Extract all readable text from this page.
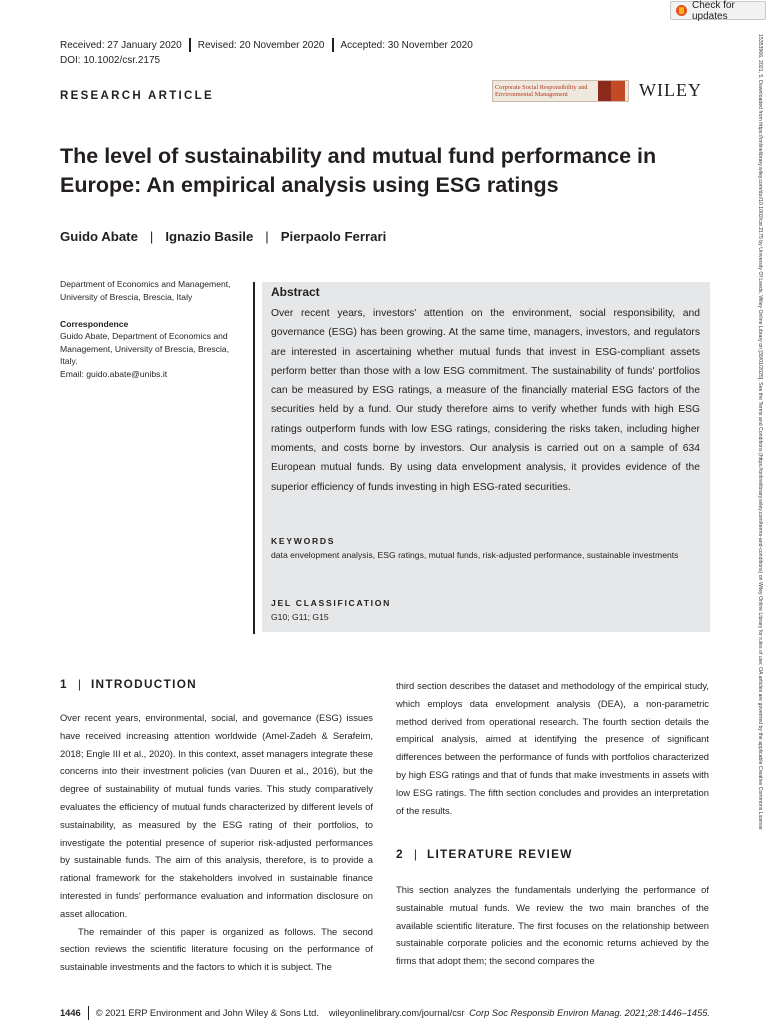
Check for updates
Received: 27 January 2020 Revised: 20 November 2020 Accepted: 30 November 2020
DOI: 10.1002/csr.2175
RESEARCH ARTICLE
Corporate Social Responsibility and Environmental Management	WILEY
The level of sustainability and mutual fund performance in Europe: An empirical analysis using ESG ratings
Guido Abate | Ignazio Basile | Pierpaolo Ferrari
Department of Economics and Management, University of Brescia, Brescia, Italy
Correspondence
Guido Abate, Department of Economics and Management, University of Brescia, Brescia, Italy.
Email: guido.abate@unibs.it
Abstract
Over recent years, investors' attention on the environment, social responsibility, and governance (ESG) has been growing. At the same time, managers, investors, and regulators are interested in ascertaining whether mutual funds that invest in ESG-compliant assets perform better than those with a low ESG commitment. The sustainability of funds' portfolios can be measured by ESG ratings, a measure of the financially material ESG factors of the securities held by a fund. Our study therefore aims to verify whether funds with high ESG ratings outperform funds with low ESG ratings, considering the risks taken, including higher moments, and costs borne by investors. Our analysis is carried out on a sample of 634 European mutual funds. By using data envelopment analysis, it provides evidence of the superior efficiency of funds investing in high ESG-rated securities.
KEYWORDS
data envelopment analysis, ESG ratings, mutual funds, risk-adjusted performance, sustainable investments
JEL CLASSIFICATION
G10; G11; G15
1 | INTRODUCTION

Over recent years, environmental, social, and governance (ESG) issues have received increasing attention worldwide (Amel-Zadeh & Serafeim, 2018; Engle III et al., 2020). In this context, asset managers integrate these concerns into their investment policies (van Duuren et al., 2016), but the degree of sustainability of mutual funds varies. This study comparatively evaluates the efficiency of mutual funds characterized by different levels of sustainability, as measured by the ESG rating of their portfolios, to investigate the potential presence of superior risk-adjusted performances by sustainable funds. The aim of this analysis, therefore, is to provide a rational framework for the stakeholders involved in sustainable finance interested in funds' performance evaluation and information disclosure on asset allocation.

The remainder of this paper is organized as follows. The second section reviews the scientific literature focusing on the performance of sustainable investments and the factors to which it is subject. The

third section describes the dataset and methodology of the empirical study, which employs data envelopment analysis (DEA), a non-parametric method derived from operational research. The fourth section details the empirical analysis, aimed at identifying the presence of significant differences between the performance of funds with portfolios characterized by high ESG ratings and that of funds that make investments in assets with low ESG ratings. The fifth section concludes and provides an interpretation of the results.

2 | LITERATURE REVIEW

This section analyzes the fundamentals underlying the performance of sustainable mutual funds. We review the two main branches of the available scientific literature. The first focuses on the relationship between sustainable corporate policies and the economic returns achieved by the firms that adopt them; the second compares the

1446 © 2021 ERP Environment and John Wiley & Sons Ltd. wileyonlinelibrary.com/journal/csr Corp Soc Responsib Environ Manag. 2021;28:1446–1455.
15353966, 2021, 5, Downloaded from https://onlinelibrary.wiley.com/doi/10.1002/csr.2175 by University Of Leeds, Wiley Online Library on [30/01/2025]. See the Terms and Conditions (https://onlinelibrary.wiley.com/terms-and-conditions) on Wiley Online Library for rules of use; OA articles are governed by the applicable Creative Commons License
